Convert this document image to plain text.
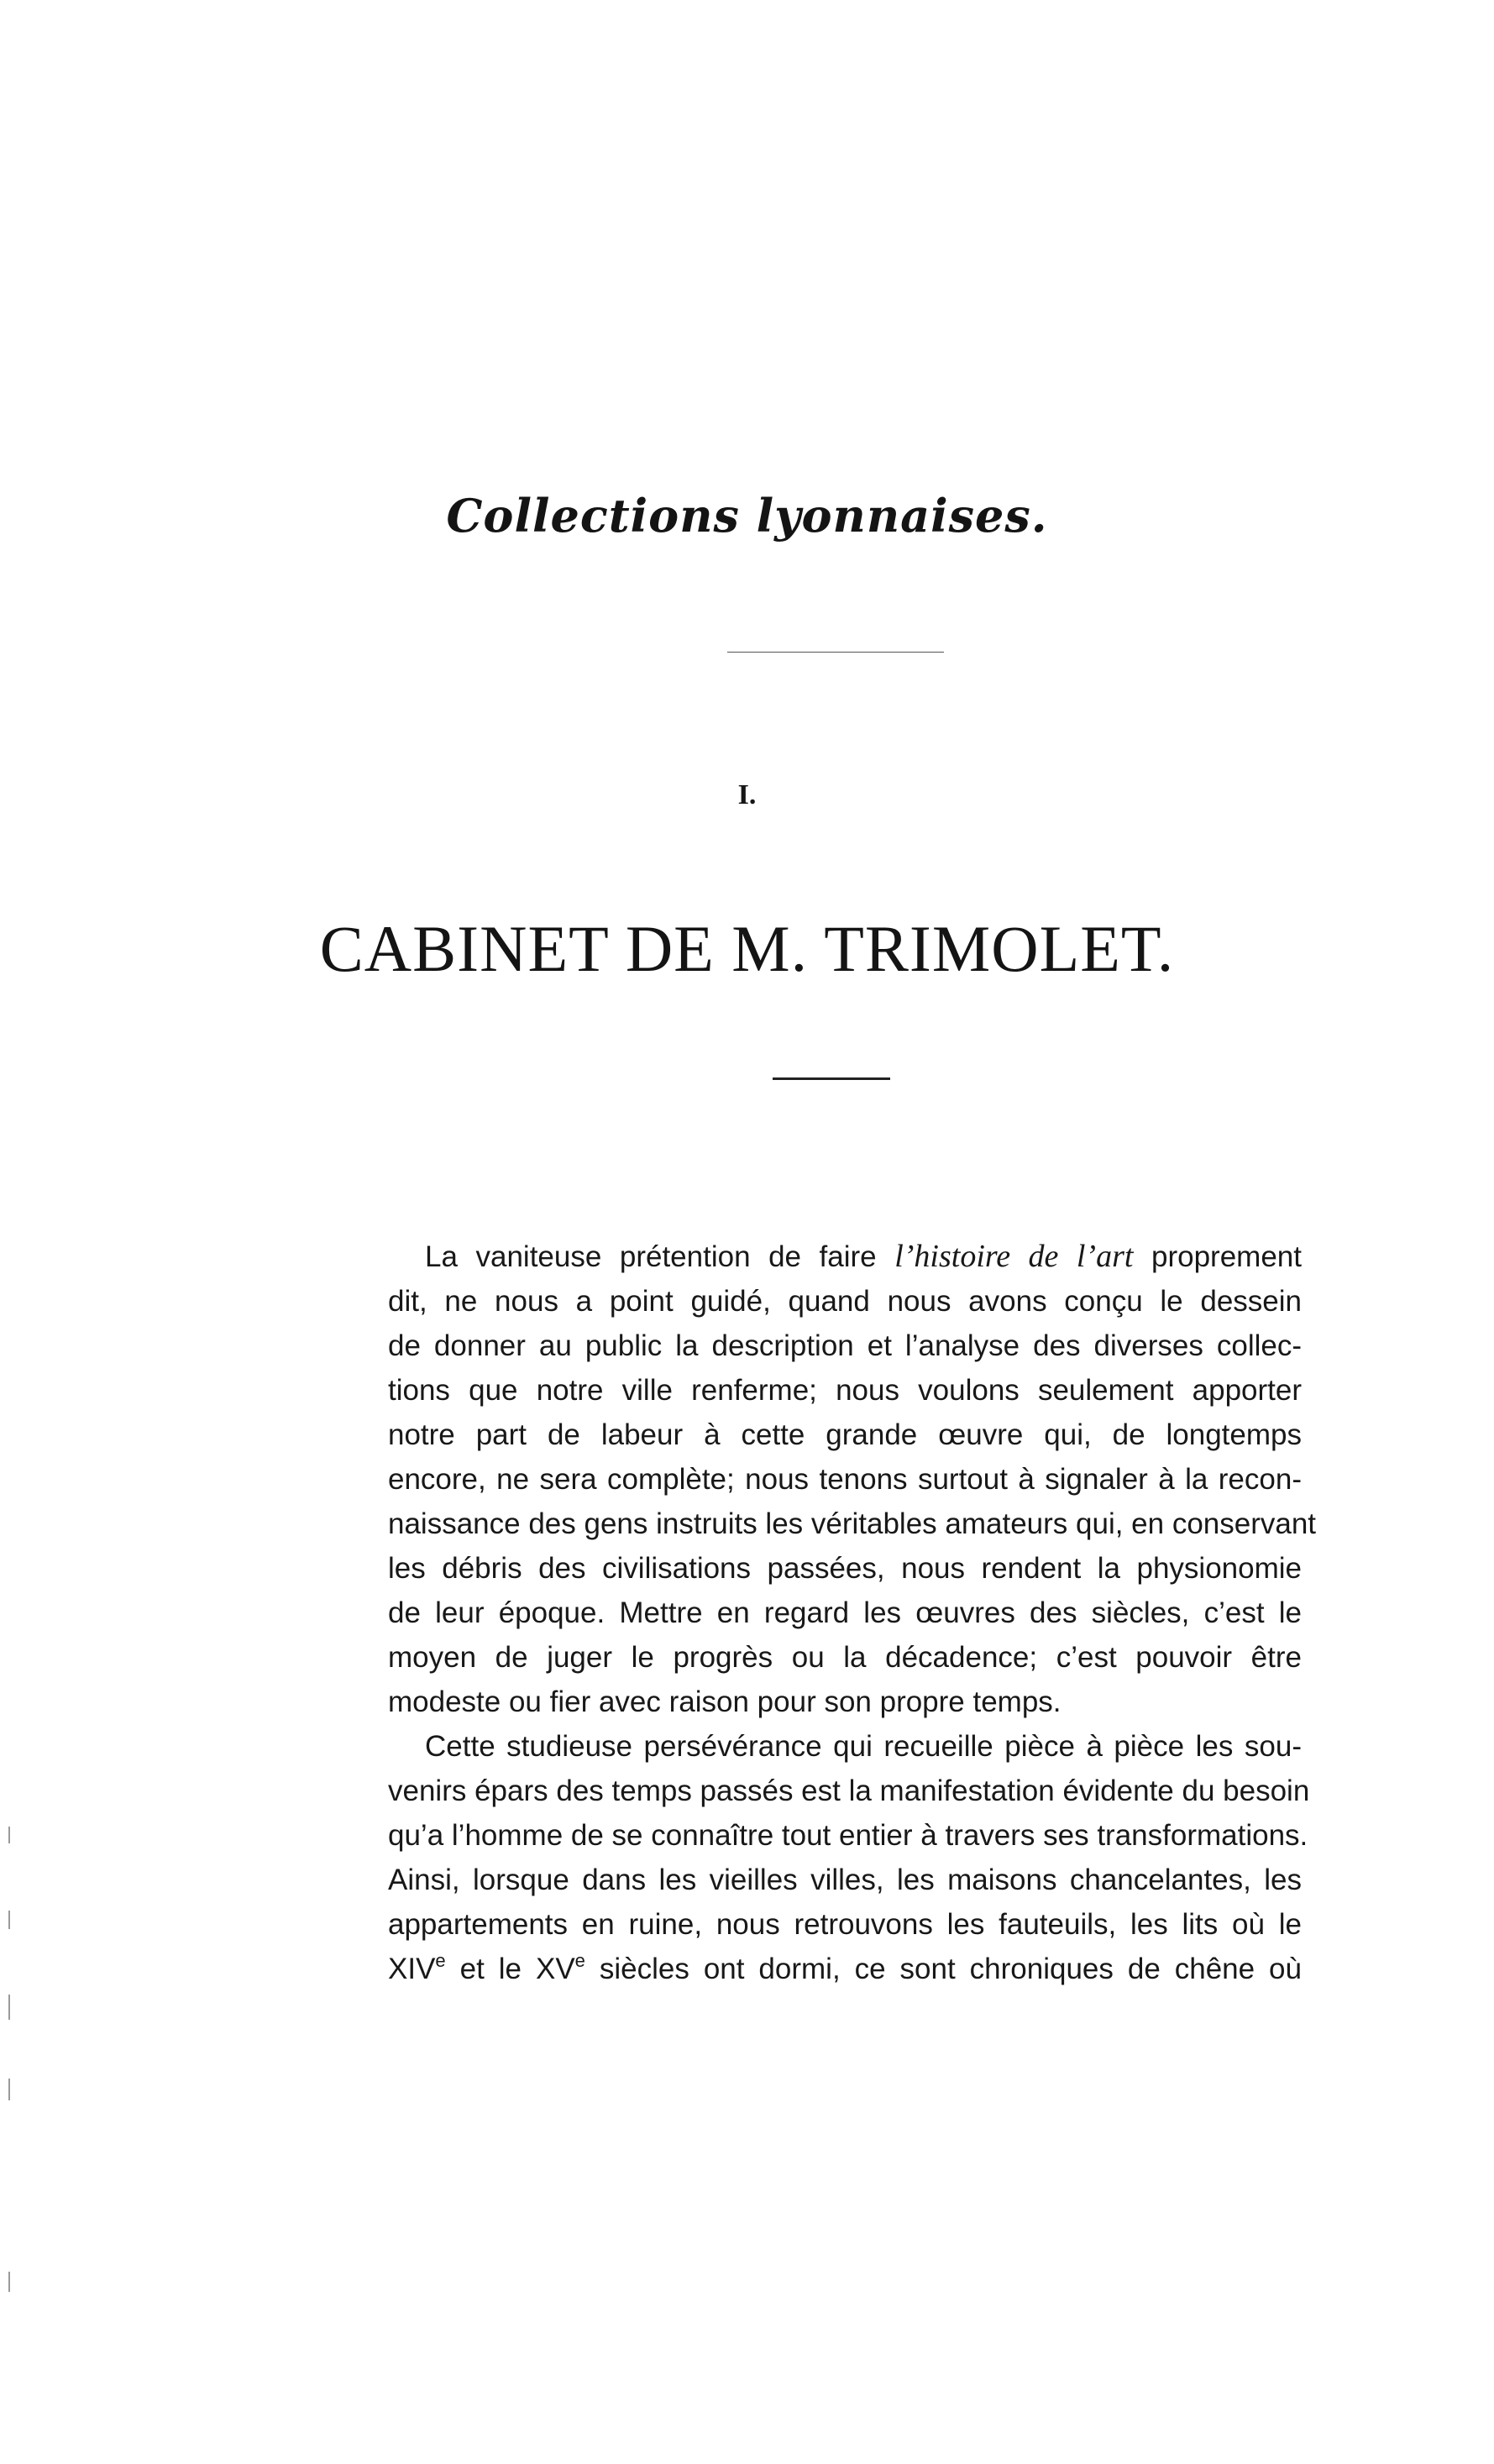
Collections lyonnaises.
I.
CABINET DE M. TRIMOLET.
La vaniteuse prétention de faire l’histoire de l’art proprement
dit, ne nous a point guidé, quand nous avons conçu le dessein
de donner au public la description et l’analyse des diverses collec-
tions que notre ville renferme; nous voulons seulement apporter
notre part de labeur à cette grande œuvre qui, de longtemps
encore, ne sera complète; nous tenons surtout à signaler à la recon-
naissance des gens instruits les véritables amateurs qui, en conservant
les débris des civilisations passées, nous rendent la physionomie
de leur époque. Mettre en regard les œuvres des siècles, c’est le
moyen de juger le progrès ou la décadence; c’est pouvoir être
modeste ou fier avec raison pour son propre temps.
Cette studieuse persévérance qui recueille pièce à pièce les sou-
venirs épars des temps passés est la manifestation évidente du besoin
qu’a l’homme de se connaître tout entier à travers ses transformations.
Ainsi, lorsque dans les vieilles villes, les maisons chancelantes, les
appartements en ruine, nous retrouvons les fauteuils, les lits où le
XIVe et le XVe siècles ont dormi, ce sont chroniques de chêne où
